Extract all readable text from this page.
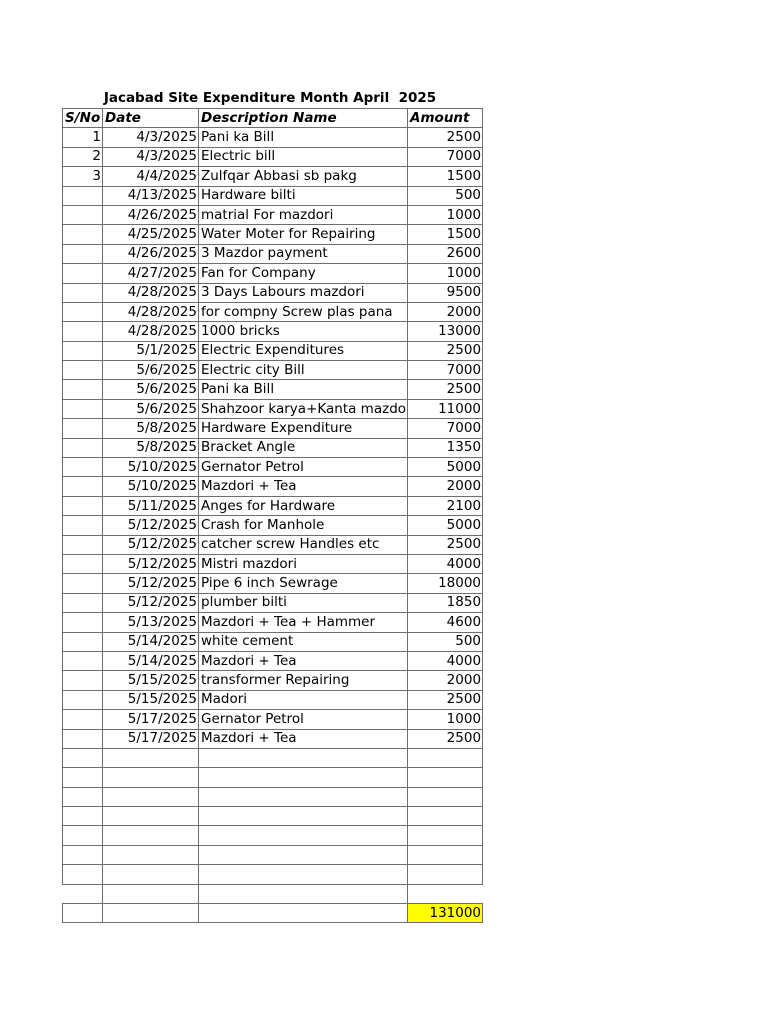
Jacabad Site Expenditure Month April  2025
S/No	Date	Description Name	Amount
1	4/3/2025	Pani ka Bill	2500
2	4/3/2025	Electric bill	7000
3	4/4/2025	Zulfqar Abbasi sb pakg	1500
	4/13/2025	Hardware bilti	500
	4/26/2025	matrial For mazdori	1000
	4/25/2025	Water Moter for Repairing	1500
	4/26/2025	3 Mazdor payment	2600
	4/27/2025	Fan for Company	1000
	4/28/2025	3 Days Labours mazdori	9500
	4/28/2025	for compny Screw plas pana	2000
	4/28/2025	1000 bricks	13000
	5/1/2025	Electric Expenditures	2500
	5/6/2025	Electric city Bill	7000
	5/6/2025	Pani ka Bill	2500
	5/6/2025	Shahzoor karya+Kanta mazdo	11000
	5/8/2025	Hardware Expenditure	7000
	5/8/2025	Bracket Angle	1350
	5/10/2025	Gernator Petrol	5000
	5/10/2025	Mazdori + Tea	2000
	5/11/2025	Anges for Hardware	2100
	5/12/2025	Crash for Manhole	5000
	5/12/2025	catcher screw Handles etc	2500
	5/12/2025	Mistri mazdori	4000
	5/12/2025	Pipe 6 inch Sewrage	18000
	5/12/2025	plumber bilti	1850
	5/13/2025	Mazdori + Tea + Hammer	4600
	5/14/2025	white cement	500
	5/14/2025	Mazdori + Tea	4000
	5/15/2025	transformer Repairing	2000
	5/15/2025	Madori	2500
	5/17/2025	Gernator Petrol	1000
	5/17/2025	Mazdori + Tea	2500

			131000
